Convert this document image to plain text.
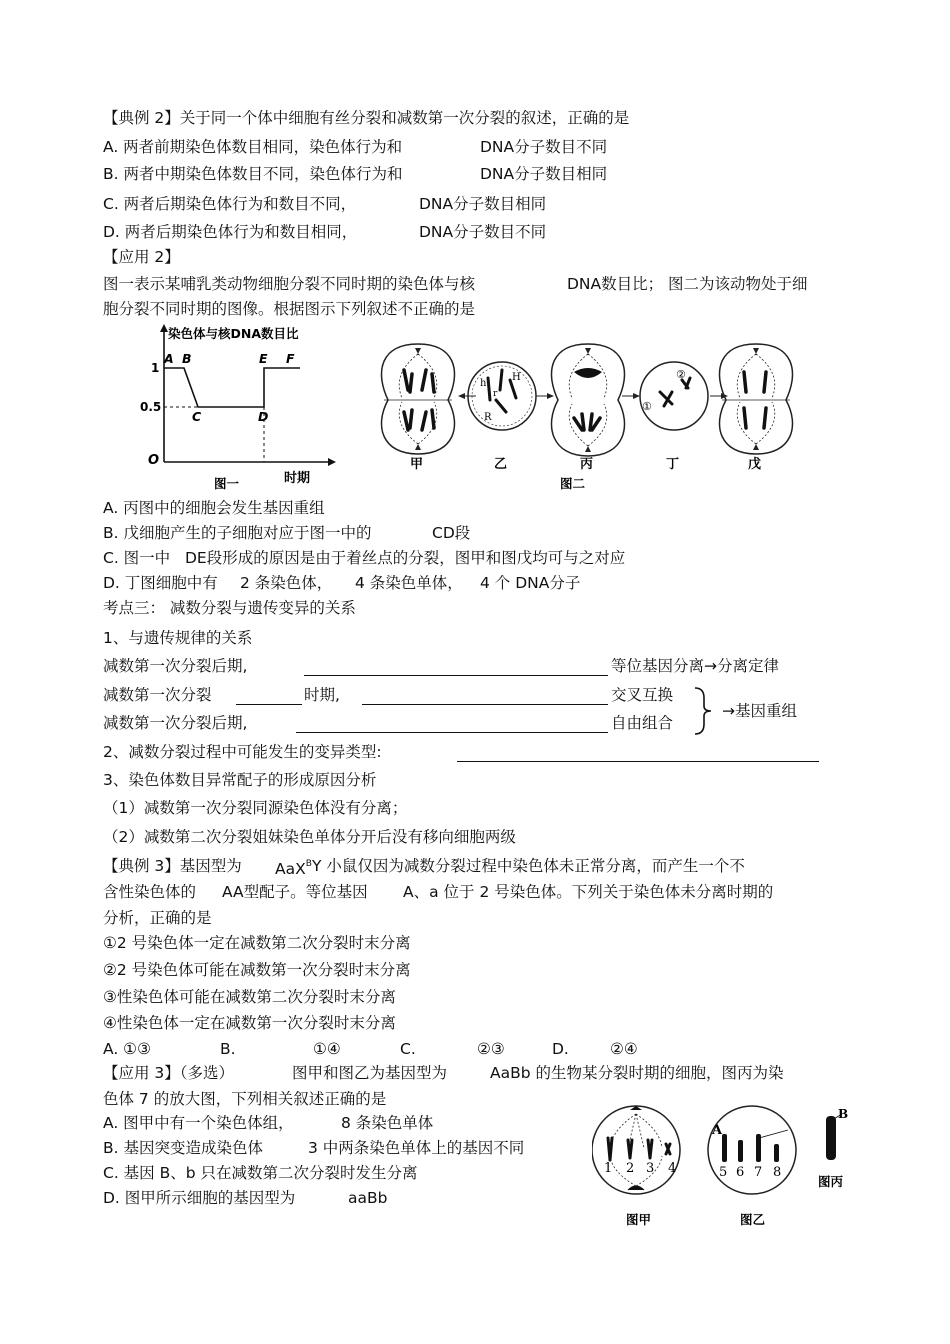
【典例 2】关于同一个体中细胞有丝分裂和减数第一次分裂的叙述，正确的是
A. 两者前期染色体数目相同，染色体行为和	DNA分子数目不同
B. 两者中期染色体数目不同，染色体行为和	DNA分子数目相同
C. 两者后期染色体行为和数目不同，	DNA分子数目相同
D. 两者后期染色体行为和数目相同，	DNA分子数目不同
【应用 2】
图一表示某哺乳类动物细胞分裂不同时期的染色体与核	DNA数目比； 图二为该动物处于细
胞分裂不同时期的图像。根据图示下列叙述不正确的是
染色体与核DNA数目比
1
0.5
O
A B
C	D
E F
时期
图一
h
H
r
R
①
②
甲	乙	丙	丁	戊
图二
A. 丙图中的细胞会发生基因重组
B. 戊细胞产生的子细胞对应于图一中的	CD段
C. 图一中 DE段形成的原因是由于着丝点的分裂，图甲和图戊均可与之对应
D. 丁图细胞中有 2 条染色体， 4 条染色单体， 4 个 DNA分子
考点三： 减数分裂与遗传变异的关系
1、与遗传规律的关系
减数第一次分裂后期,	等位基因分离→分离定律
减数第一次分裂	时期,	交叉互换
减数第一次分裂后期,	自由组合
→基因重组
2、减数分裂过程中可能发生的变异类型:
3、染色体数目异常配子的形成原因分析
（1）减数第一次分裂同源染色体没有分离；
（2）减数第二次分裂姐妹染色单体分开后没有移向细胞两级
【典例 3】基因型为 AaX$^B$ Y 小鼠仅因为减数分裂过程中染色体未正常分离，而产生一个不
含性染色体的 AA型配子。等位基因 A、a 位于 2 号染色体。下列关于染色体未分离时期的
分析，正确的是
①2 号染色体一定在减数第二次分裂时末分离
②2 号染色体可能在减数第一次分裂时末分离
③性染色体可能在减数第二次分裂时末分离
④性染色体一定在减数第一次分裂时末分离
A. ①③	B.	①④	C.	②③	D.	②④
【应用 3】（多选）	图甲和图乙为基因型为	AaBb 的生物某分裂时期的细胞，图丙为染
色体 7 的放大图，下列相关叙述正确的是
A. 图甲中有一个染色体组，	8 条染色单体
B. 基因突变造成染色体	3 中两条染色单体上的基因不同
C. 基因 B、b 只在减数第二次分裂时发生分离
D. 图甲所示细胞的基因型为	aaBb
1 2 3 4
A
5 6 7 8
B
图甲	图乙
图丙
